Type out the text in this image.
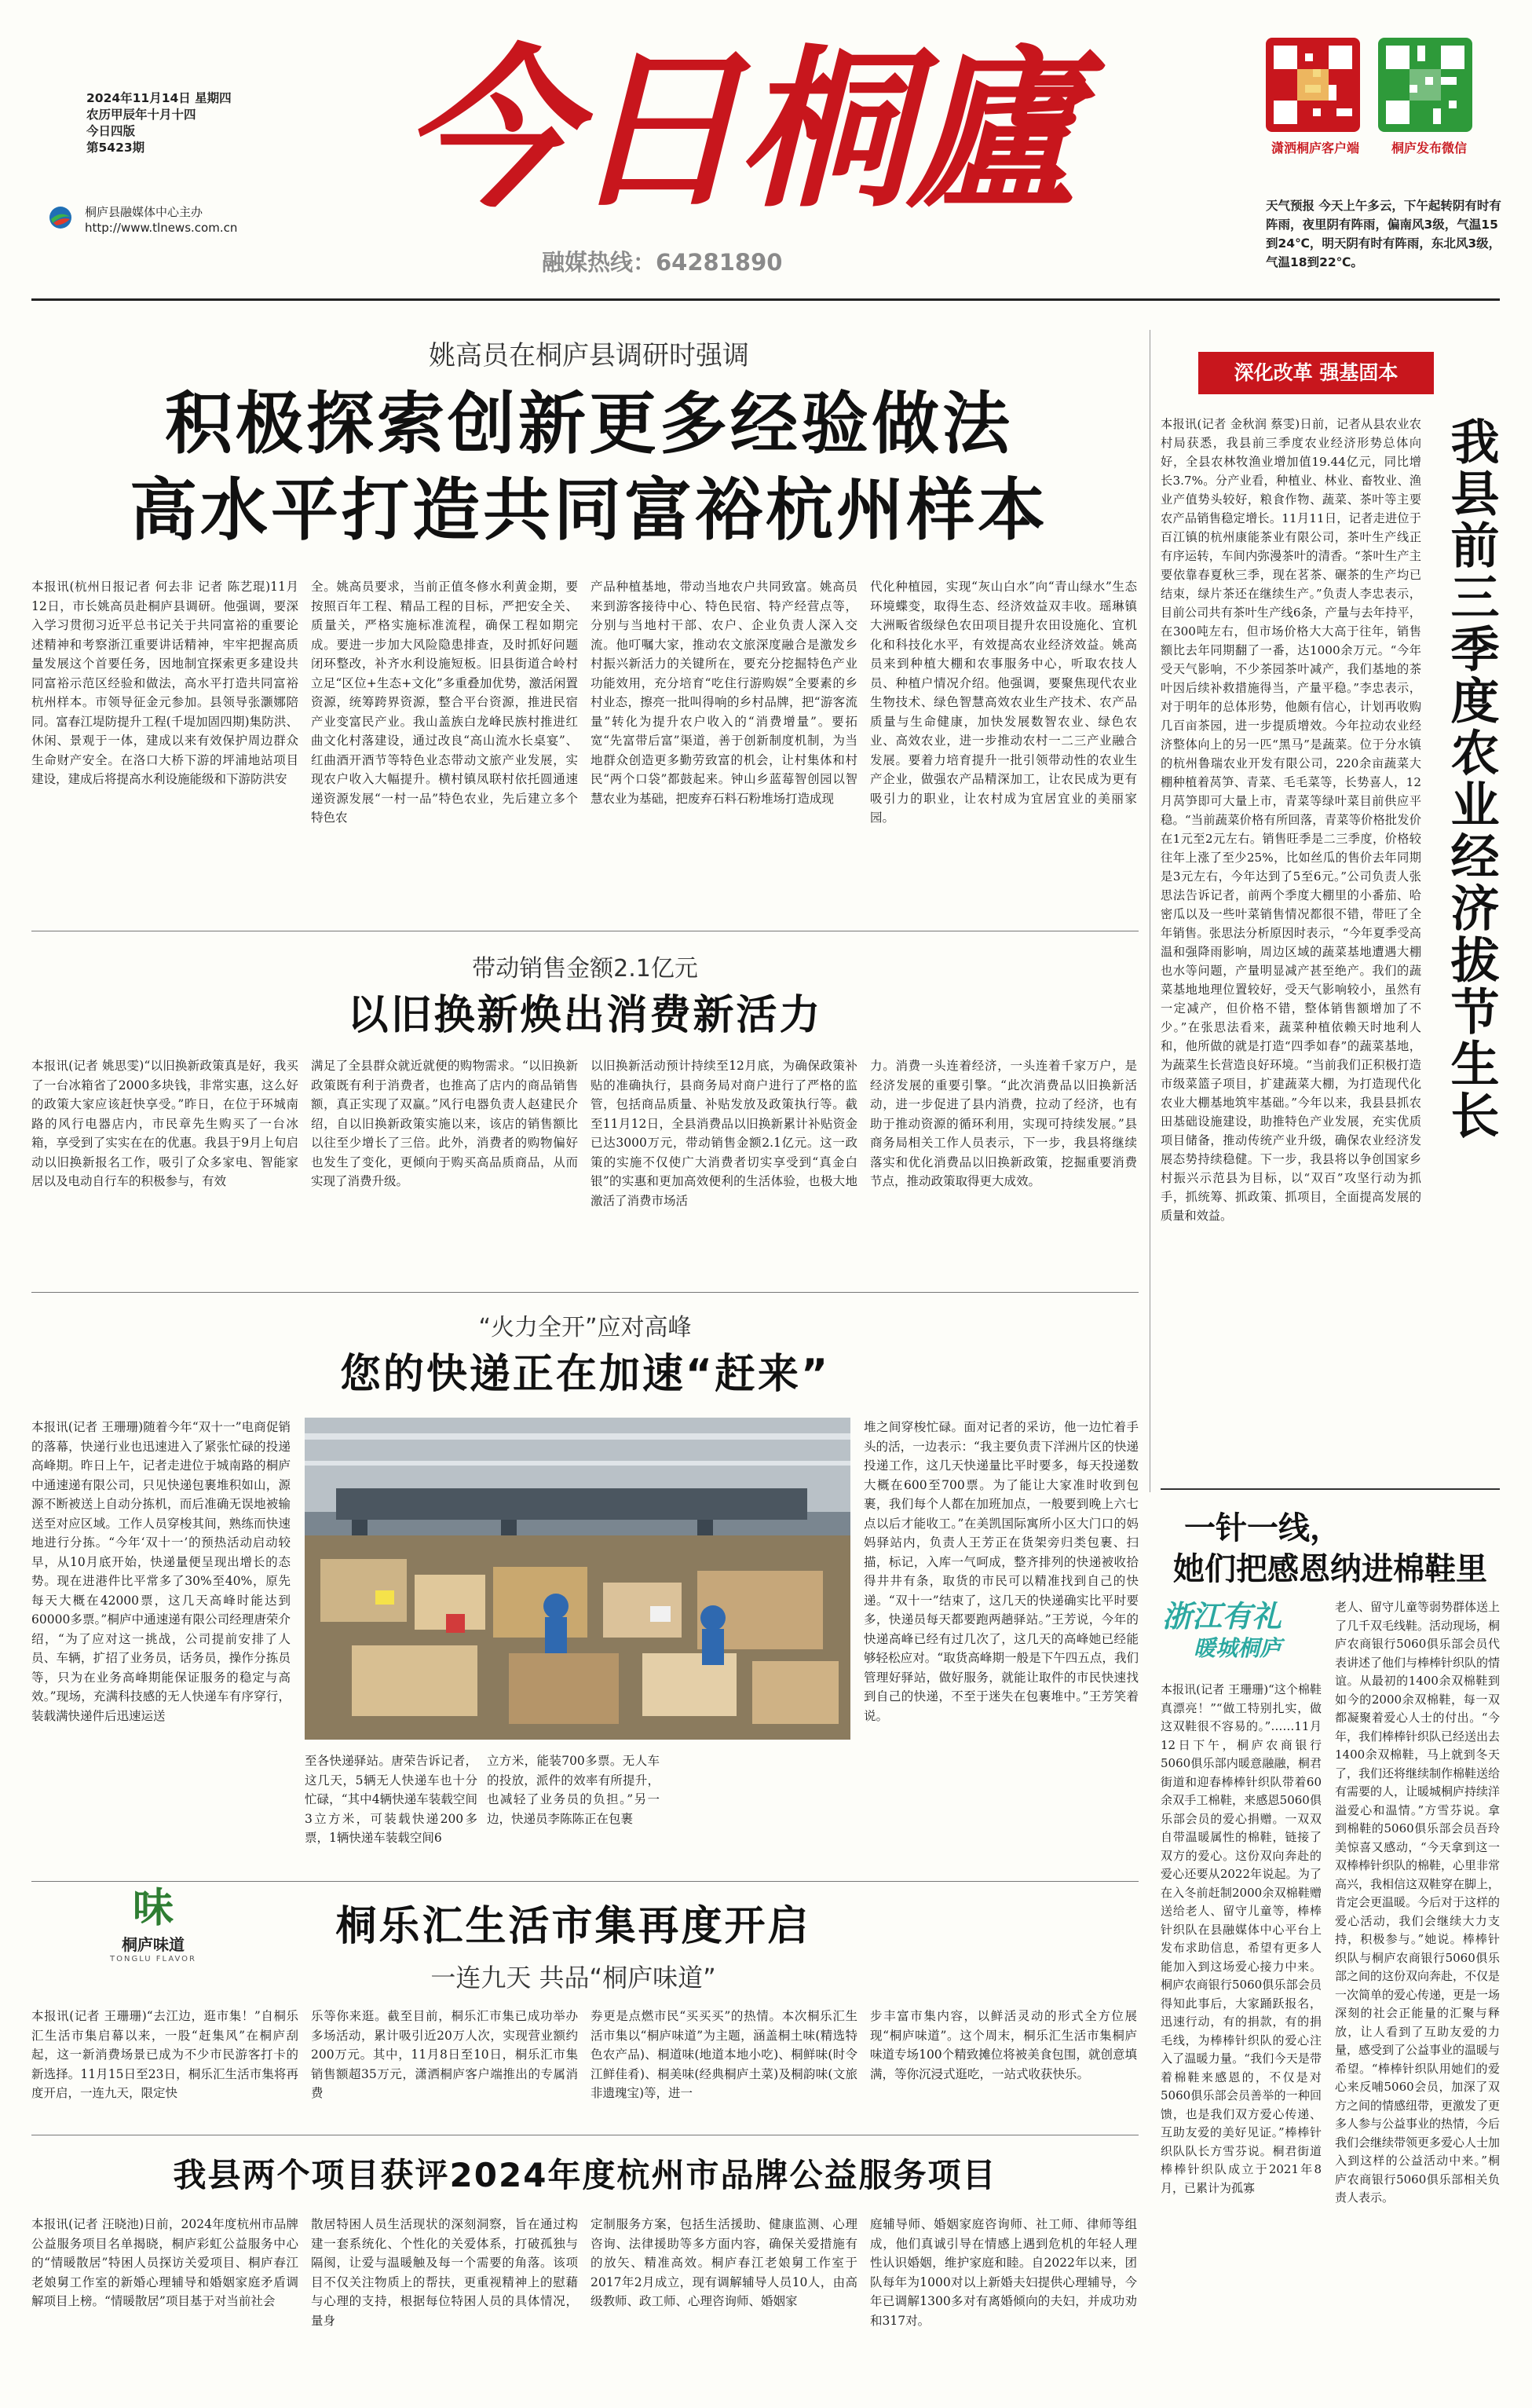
2024年11月14日 星期四
农历甲辰年十月十四
今日四版
第5423期
桐庐县融媒体中心主办
http://www.tlnews.com.cn 今日桐廬
融媒热线：64281890
潇洒桐庐客户端	桐庐发布微信
天气预报 今天上午多云，下午起转阴有时有阵雨，夜里阴有阵雨，偏南风3级，气温15到24℃，明天阴有时有阵雨，东北风3级，气温18到22℃。
姚高员在桐庐县调研时强调
积极探索创新更多经验做法
高水平打造共同富裕杭州样本
本报讯(杭州日报记者 何去非 记者 陈艺琨)11月12日，市长姚高员赴桐庐县调研。他强调，要深入学习贯彻习近平总书记关于共同富裕的重要论述精神和考察浙江重要讲话精神，牢牢把握高质量发展这个首要任务，因地制宜探索更多建设共同富裕示范区经验和做法，高水平打造共同富裕杭州样本。市领导征金元参加。县领导张灏娜陪同。富春江堤防提升工程(千堤加固四期)集防洪、休闲、景观于一体，建成以来有效保护周边群众生命财产安全。在洛口大桥下游的坪浦地站项目建设，建成后将提高水利设施能级和下游防洪安
全。姚高员要求，当前正值冬修水利黄金期，要按照百年工程、精品工程的目标，严把安全关、质量关，严格实施标准流程，确保工程如期完成。要进一步加大风险隐患排查，及时抓好问题闭环整改，补齐水利设施短板。旧县街道合岭村立足“区位+生态+文化”多重叠加优势，激活闲置资源，统筹跨界资源，整合平台资源，推进民宿产业变富民产业。我山盖族白龙峰民族村推进红曲文化村落建设，通过改良“高山流水长桌宴”、红曲酒开酒节等特色业态带动文旅产业发展，实现农户收入大幅提升。横村镇凤联村依托圆通速递资源发展“一村一品”特色农业，先后建立多个特色农
产品种植基地，带动当地农户共同致富。姚高员来到游客接待中心、特色民宿、特产经营点等，分别与当地村干部、农户、企业负责人深入交流。他叮嘱大家，推动农文旅深度融合是激发乡村振兴新活力的关键所在，要充分挖掘特色产业功能效用，充分培育“吃住行游购娱”全要素的乡村业态，擦亮一批叫得响的乡村品牌，把“游客流量”转化为提升农户收入的“消费增量”。要拓宽“先富带后富”渠道，善于创新制度机制，为当地群众创造更多勤劳致富的机会，让村集体和村民“两个口袋”都鼓起来。钟山乡蓝莓智创园以智慧农业为基础，把废弃石料石粉堆场打造成现
代化种植园，实现“灰山白水”向“青山绿水”生态环境蝶变，取得生态、经济效益双丰收。瑶琳镇大洲畈省级绿色农田项目提升农田设施化、宜机化和科技化水平，有效提高农业经济效益。姚高员来到种植大棚和农事服务中心，听取农技人员、种植户情况介绍。他强调，要聚焦现代农业生物技术、绿色智慧高效农业生产技术、农产品质量与生命健康，加快发展数智农业、绿色农业、高效农业，进一步推动农村一二三产业融合发展。要着力培育提升一批引领带动性的农业生产企业，做强农产品精深加工，让农民成为更有吸引力的职业，让农村成为宜居宜业的美丽家园。
深化改革 强基固本
本报讯(记者 金秋润 蔡雯)日前，记者从县农业农村局获悉，我县前三季度农业经济形势总体向好，全县农林牧渔业增加值19.44亿元，同比增长3.7%。分产业看，种植业、林业、畜牧业、渔业产值势头较好，粮食作物、蔬菜、茶叶等主要农产品销售稳定增长。11月11日，记者走进位于百江镇的杭州康能茶业有限公司，茶叶生产线正有序运转，车间内弥漫茶叶的清香。“茶叶生产主要依靠春夏秋三季，现在茗茶、碾茶的生产均已结束，绿片茶还在继续生产。”负责人李忠表示，目前公司共有茶叶生产线6条，产量与去年持平，在300吨左右，但市场价格大大高于往年，销售额比去年同期翻了一番，达1000余万元。“今年受天气影响，不少茶园茶叶减产，我们基地的茶叶因后续补救措施得当，产量平稳。”李忠表示，对于明年的总体形势，他颇有信心，计划再收购几百亩茶园，进一步提质增效。今年拉动农业经济整体向上的另一匹“黑马”是蔬菜。位于分水镇的杭州鲁瑞农业开发有限公司，220余亩蔬菜大棚种植着莴笋、青菜、毛毛菜等，长势喜人，12月莴笋即可大量上市，青菜等绿叶菜目前供应平稳。“当前蔬菜价格有所回落，青菜等价格批发价在1元至2元左右。销售旺季是二三季度，价格较往年上涨了至少25%，比如丝瓜的售价去年同期是3元左右，今年达到了5至6元。”公司负责人张思法告诉记者，前两个季度大棚里的小番茄、哈密瓜以及一些叶菜销售情况都很不错，带旺了全年销售。张思法分析原因时表示，“今年夏季受高温和强降雨影响，周边区域的蔬菜基地遭遇大棚也水等问题，产量明显减产甚至绝产。我们的蔬菜基地地理位置较好，受天气影响较小，虽然有一定减产，但价格不错，整体销售额增加了不少。”在张思法看来，蔬菜种植依赖天时地利人和，他所做的就是打造“四季如春”的蔬菜基地，为蔬菜生长营造良好环境。“当前我们正积极打造市级菜篮子项目，扩建蔬菜大棚，为打造现代化农业大棚基地筑牢基础。”今年以来，我县县抓农田基础设施建设，助推特色产业发展，充实优质项目储备，推动传统产业升级，确保农业经济发展态势持续稳健。下一步，我县将以争创国家乡村振兴示范县为目标，以“双百”攻坚行动为抓手，抓统筹、抓政策、抓项目，全面提高发展的质量和效益。
我县前三季度农业经济拔节生长
带动销售金额2.1亿元
以旧换新焕出消费新活力
本报讯(记者 姚思雯)“以旧换新政策真是好，我买了一台冰箱省了2000多块钱，非常实惠，这么好的政策大家应该赶快享受。”昨日，在位于环城南路的风行电器店内，市民章先生购买了一台冰箱，享受到了实实在在的优惠。我县于9月上旬启动以旧换新报名工作，吸引了众多家电、智能家居以及电动自行车的积极参与，有效
满足了全县群众就近就便的购物需求。“以旧换新政策既有利于消费者，也推高了店内的商品销售额，真正实现了双赢。”风行电器负责人赵建民介绍，自以旧换新政策实施以来，该店的销售额比以往至少增长了三倍。此外，消费者的购物偏好也发生了变化，更倾向于购买高品质商品，从而实现了消费升级。
以旧换新活动预计持续至12月底，为确保政策补贴的准确执行，县商务局对商户进行了严格的监管，包括商品质量、补贴发放及政策执行等。截至11月12日，全县消费品以旧换新累计补贴资金已达3000万元，带动销售金额2.1亿元。这一政策的实施不仅使广大消费者切实享受到“真金白银”的实惠和更加高效便利的生活体验，也极大地激活了消费市场活
力。消费一头连着经济，一头连着千家万户，是经济发展的重要引擎。“此次消费品以旧换新活动，进一步促进了县内消费，拉动了经济，也有助于推动资源的循环利用，实现可持续发展。”县商务局相关工作人员表示，下一步，我县将继续落实和优化消费品以旧换新政策，挖掘重要消费节点，推动政策取得更大成效。
“火力全开”应对高峰
您的快递正在加速“赶来”
本报讯(记者 王珊珊)随着今年“双十一”电商促销的落幕，快递行业也迅速进入了紧张忙碌的投递高峰期。昨日上午，记者走进位于城南路的桐庐中通速递有限公司，只见快递包裹堆积如山，源源不断被送上自动分拣机，而后准确无误地被输送至对应区域。工作人员穿梭其间，熟练而快速地进行分拣。“今年‘双十一’的预热活动启动较早，从10月底开始，快递量便呈现出增长的态势。现在进港件比平常多了30%至40%，原先每天大概在42000票，这几天高峰时能达到60000多票。”桐庐中通速递有限公司经理唐荣介绍，“为了应对这一挑战，公司提前安排了人员、车辆，扩招了业务员，话务员，操作分拣员等，只为在业务高峰期能保证服务的稳定与高效。”现场，充满科技感的无人快递车有序穿行，装载满快递件后迅速运送
至各快递驿站。唐荣告诉记者，这几天，5辆无人快递车也十分忙碌，“其中4辆快递车装载空间3立方米，可装载快递200多票，1辆快递车装载空间6
立方米，能装700多票。无人车的投放，派件的效率有所提升，也减轻了业务员的负担。”另一边，快递员李陈陈正在包裹
堆之间穿梭忙碌。面对记者的采访，他一边忙着手头的活，一边表示：“我主要负责下洋洲片区的快递投递工作，这几天快递量比平时要多，每天投递数大概在600至700票。为了能让大家准时收到包裹，我们每个人都在加班加点，一般要到晚上六七点以后才能收工。”在美凯国际寓所小区大门口的妈妈驿站内，负责人王芳正在货架旁归类包裹、扫描，标记，入库一气呵成，整齐排列的快递被收拾得井井有条，取货的市民可以精准找到自己的快递。“双十一”结束了，这几天的快递确实比平时要多，快递员每天都要跑两趟驿站。”王芳说，今年的快递高峰已经有过几次了，这几天的高峰她已经能够轻松应对。“取货高峰期一般是下午四五点，我们管理好驿站，做好服务，就能让取件的市民快速找到自己的快递，不至于迷失在包裹堆中。”王芳笑着说。
味
桐庐味道
TONGLU FLAVOR
桐乐汇生活市集再度开启
一连九天 共品“桐庐味道”
本报讯(记者 王珊珊)“去江边，逛市集！”自桐乐汇生活市集启幕以来，一股“赶集风”在桐庐刮起，这一新消费场景已成为不少市民游客打卡的新选择。11月15日至23日，桐乐汇生活市集将再度开启，一连九天，限定快
乐等你来逛。截至目前，桐乐汇市集已成功举办多场活动，累计吸引近20万人次，实现营业额约200万元。其中，11月8日至10日，桐乐汇市集销售额超35万元，潇洒桐庐客户端推出的专属消费
券更是点燃市民“买买买”的热情。本次桐乐汇生活市集以“桐庐味道”为主题，涵盖桐土味(精选特色农产品)、桐道味(地道本地小吃)、桐鲜味(时令江鲜佳肴)、桐美味(经典桐庐土菜)及桐韵味(文旅非遗瑰宝)等，进一
步丰富市集内容，以鲜活灵动的形式全方位展现“桐庐味道”。这个周末，桐乐汇生活市集桐庐味道专场100个精致摊位将被美食包围，就创意填满，等你沉浸式逛吃，一站式收获快乐。
我县两个项目获评2024年度杭州市品牌公益服务项目
本报讯(记者 汪晓池)日前，2024年度杭州市品牌公益服务项目名单揭晓，桐庐彩虹公益服务中心的“情暖散居”特困人员探访关爱项目、桐庐春江老娘舅工作室的新婚心理辅导和婚姻家庭矛盾调解项目上榜。“情暖散居”项目基于对当前社会
散居特困人员生活现状的深刻洞察，旨在通过构建一套系统化、个性化的关爱体系，打破孤独与隔阂，让爱与温暖触及每一个需要的角落。该项目不仅关注物质上的帮扶，更重视精神上的慰藉与心理的支持，根据每位特困人员的具体情况，量身
定制服务方案，包括生活援助、健康监测、心理咨询、法律援助等多方面内容，确保关爱措施有的放矢、精准高效。桐庐春江老娘舅工作室于2017年2月成立，现有调解辅导人员10人，由高级教师、政工师、心理咨询师、婚姻家
庭辅导师、婚姻家庭咨询师、社工师、律师等组成，他们真诚引导在情感上遇到危机的年轻人理性认识婚姻，维护家庭和睦。自2022年以来，团队每年为1000对以上新婚夫妇提供心理辅导，今年已调解1300多对有离婚倾向的夫妇，并成功劝和317对。
一针一线，
她们把感恩纳进棉鞋里
浙江有礼
暖城桐庐
本报讯(记者 王珊珊)“这个棉鞋真漂亮！”“做工特别扎实，做这双鞋很不容易的。”……11月12日下午，桐庐农商银行5060俱乐部内暖意融融，桐君街道和迎春棒棒针织队带着60余双手工棉鞋，来感恩5060俱乐部会员的爱心捐赠。一双双自带温暖属性的棉鞋，链接了双方的爱心。这份双向奔赴的爱心还要从2022年说起。为了在入冬前赶制2000余双棉鞋赠送给老人、留守儿童等，棒棒针织队在县融媒体中心平台上发布求助信息，希望有更多人能加入到这场爱心接力中来。桐庐农商银行5060俱乐部会员得知此事后，大家踊跃报名，迅速行动，有的捐款，有的捐毛线，为棒棒针织队的爱心注入了温暖力量。“我们今天是带着棉鞋来感恩的，不仅是对5060俱乐部会员善举的一种回馈，也是我们双方爱心传递、互助友爱的美好见证。”棒棒针织队队长方雪芬说。桐君街道棒棒针织队成立于2021年8月，已累计为孤寡
老人、留守儿童等弱势群体送上了几千双毛线鞋。活动现场，桐庐农商银行5060俱乐部会员代表讲述了他们与棒棒针织队的情谊。从最初的1400余双棉鞋到如今的2000余双棉鞋，每一双都凝聚着爱心人士的付出。“今年，我们棒棒针织队已经送出去1400余双棉鞋，马上就到冬天了，我们还将继续制作棉鞋送给有需要的人，让暖城桐庐持续洋溢爱心和温情。”方雪芬说。拿到棉鞋的5060俱乐部会员吾玲美惊喜又感动，“今天拿到这一双棒棒针织队的棉鞋，心里非常高兴，我相信这双鞋穿在脚上，肯定会更温暖。今后对于这样的爱心活动，我们会继续大力支持，积极参与。”她说。棒棒针织队与桐庐农商银行5060俱乐部之间的这份双向奔赴，不仅是一次简单的爱心传递，更是一场深刻的社会正能量的汇聚与释放，让人看到了互助友爱的力量，感受到了公益事业的温暖与希望。“棒棒针织队用她们的爱心来反哺5060会员，加深了双方之间的情感纽带，更激发了更多人参与公益事业的热情，今后我们会继续带领更多爱心人士加入到这样的公益活动中来。”桐庐农商银行5060俱乐部相关负责人表示。
